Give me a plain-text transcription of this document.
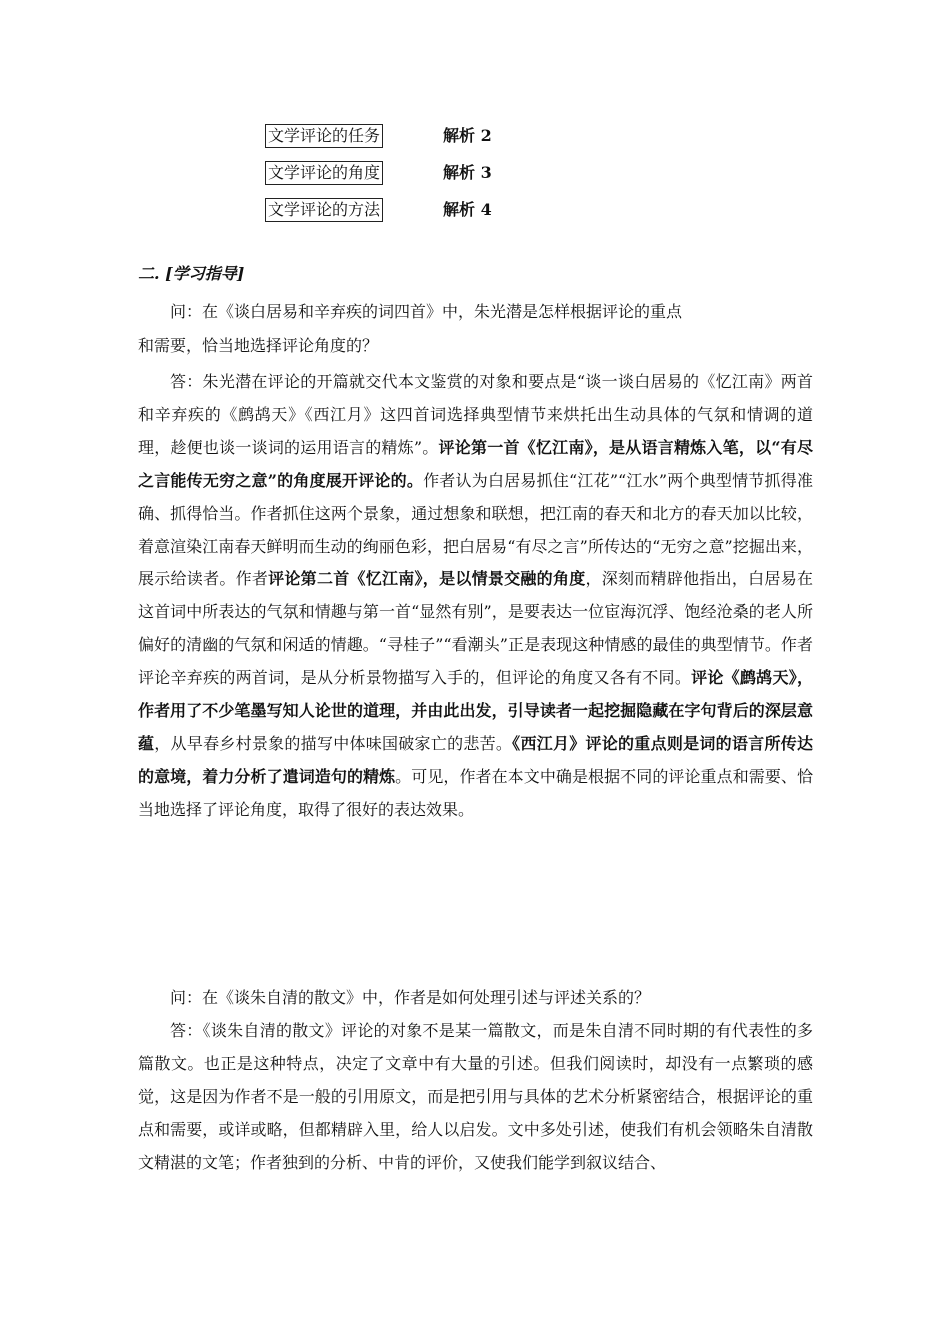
文学评论的任务	解析 2
文学评论的角度	解析 3
文学评论的方法	解析 4
二. [学习指导]

问：在《谈白居易和辛弃疾的词四首》中，朱光潜是怎样根据评论的重点

和需要，恰当地选择评论角度的？

答：朱光潜在评论的开篇就交代本文鉴赏的对象和要点是“谈一谈白居易的《忆江南》两首和辛弃疾的《鹧鸪天》《西江月》这四首词选择典型情节来烘托出生动具体的气氛和情调的道理，趁便也谈一谈词的运用语言的精炼”。评论第一首《忆江南》，是从语言精炼入笔，以“有尽之言能传无穷之意”的角度展开评论的。作者认为白居易抓住“江花”“江水”两个典型情节抓得准确、抓得恰当。作者抓住这两个景象，通过想象和联想，把江南的春天和北方的春天加以比较，着意渲染江南春天鲜明而生动的绚丽色彩，把白居易“有尽之言”所传达的“无穷之意”挖掘出来，展示给读者。作者评论第二首《忆江南》，是以情景交融的角度，深刻而精辟他指出，白居易在这首词中所表达的气氛和情趣与第一首“显然有别”，是要表达一位宦海沉浮、饱经沧桑的老人所偏好的清幽的气氛和闲适的情趣。“寻桂子”“看潮头”正是表现这种情感的最佳的典型情节。作者评论辛弃疾的两首词，是从分析景物描写入手的，但评论的角度又各有不同。评论《鹧鸪天》，作者用了不少笔墨写知人论世的道理，并由此出发，引导读者一起挖掘隐藏在字句背后的深层意蕴，从早春乡村景象的描写中体味国破家亡的悲苦。《西江月》评论的重点则是词的语言所传达的意境，着力分析了遣词造句的精炼。可见，作者在本文中确是根据不同的评论重点和需要、恰当地选择了评论角度，取得了很好的表达效果。

问：在《谈朱自清的散文》中，作者是如何处理引述与评述关系的？

答：《谈朱自清的散文》评论的对象不是某一篇散文，而是朱自清不同时期的有代表性的多篇散文。也正是这种特点，决定了文章中有大量的引述。但我们阅读时，却没有一点繁琐的感觉，这是因为作者不是一般的引用原文，而是把引用与具体的艺术分析紧密结合，根据评论的重点和需要，或详或略，但都精辟入里，给人以启发。文中多处引述，使我们有机会领略朱自清散文精湛的文笔；作者独到的分析、中肯的评价，又使我们能学到叙议结合、
